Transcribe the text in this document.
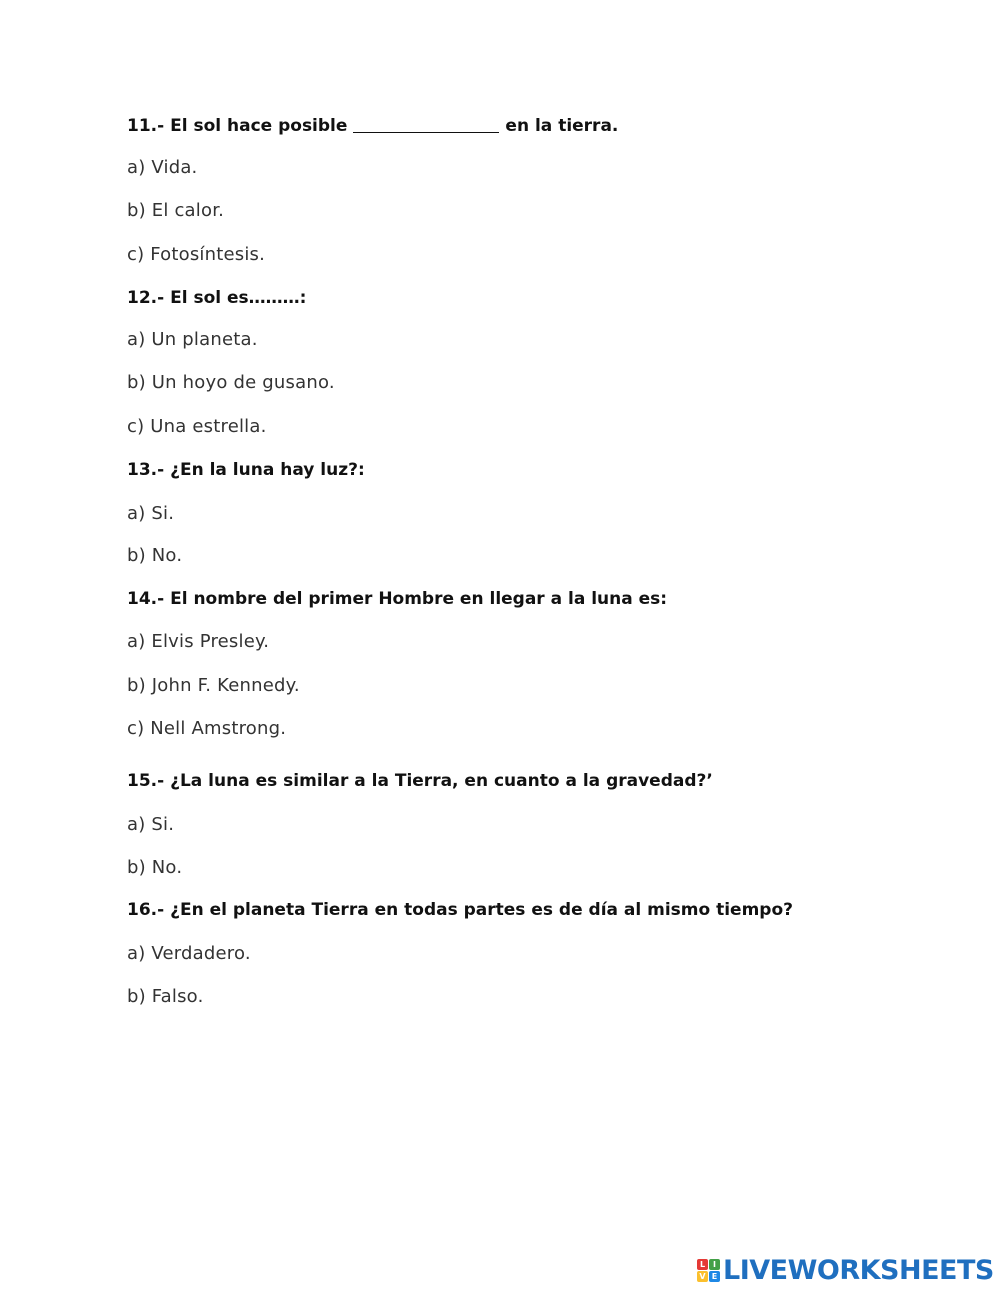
11.- El sol hace posible	en la tierra.
a) Vida.
b) El calor.
c) Fotosíntesis.
12.- El sol es………:
a) Un planeta.
b) Un hoyo de gusano.
c) Una estrella.
13.- ¿En la luna hay luz?:
a) Si.
b) No.
14.- El nombre del primer Hombre en llegar a la luna es:
a) Elvis Presley.
b) John F. Kennedy.
c) Nell Amstrong.
15.- ¿La luna es similar a la Tierra, en cuanto a la gravedad?’
a) Si.
b) No.
16.- ¿En el planeta Tierra en todas partes es de día al mismo tiempo?
a) Verdadero.
b) Falso.
L I
V E LIVEWORKSHEETS
